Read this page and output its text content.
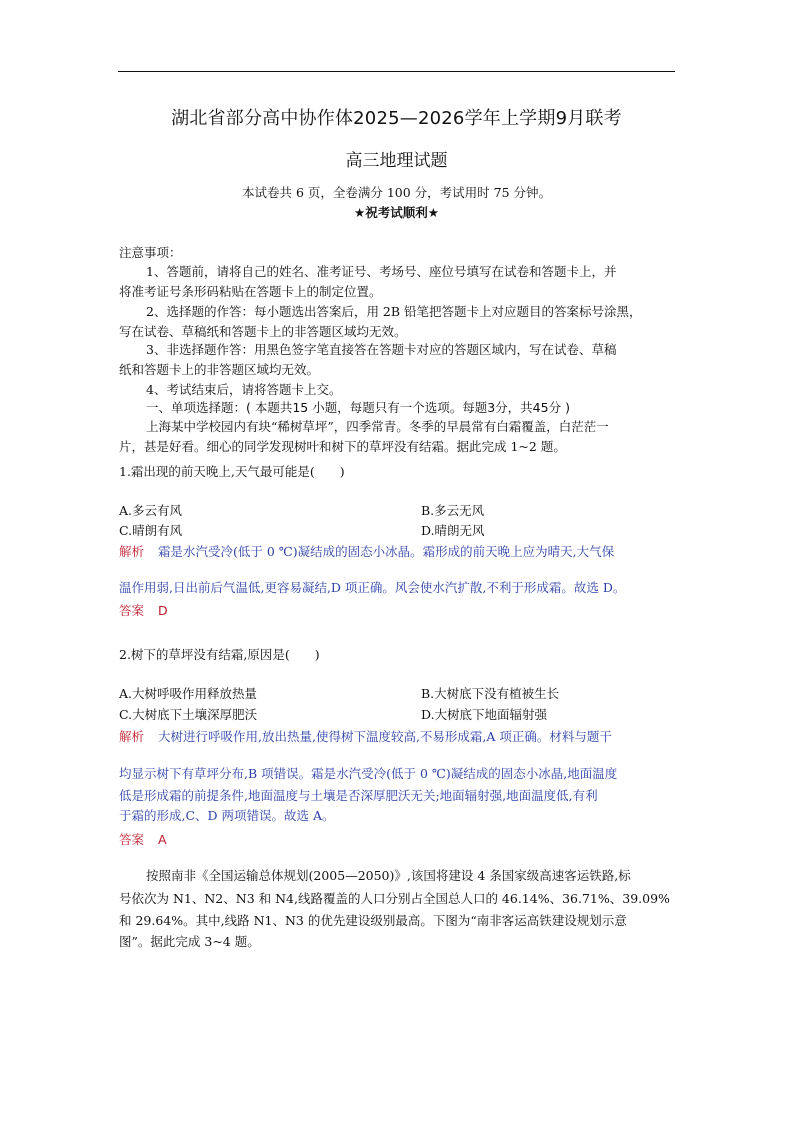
湖北省部分高中协作体2025—2026学年上学期9月联考
高三地理试题
本试卷共 6 页，全卷满分 100 分，考试用时 75 分钟。
★祝考试顺利★
注意事项：
1、答题前，请将自己的姓名、准考证号、考场号、座位号填写在试卷和答题卡上，并
将准考证号条形码粘贴在答题卡上的制定位置。
2、选择题的作答：每小题选出答案后，用 2B 铅笔把答题卡上对应题目的答案标号涂黑，
写在试卷、草稿纸和答题卡上的非答题区域均无效。
3、非选择题作答：用黑色签字笔直接答在答题卡对应的答题区域内，写在试卷、草稿
纸和答题卡上的非答题区域均无效。
4、考试结束后，请将答题卡上交。
一、单项选择题：( 本题共15 小题，每题只有一个选项。每题3分，共45分 )
上海某中学校园内有块“稀树草坪”，四季常青。冬季的早晨常有白霜覆盖，白茫茫一
片，甚是好看。细心的同学发现树叶和树下的草坪没有结霜。据此完成 1~2 题。
1.霜出现的前天晚上,天气最可能是(　　)
A.多云有风	B.多云无风
C.晴朗有风	D.晴朗无风
解析 霜是水汽受冷(低于 0 ℃)凝结成的固态小冰晶。霜形成的前天晚上应为晴天,大气保
温作用弱,日出前后气温低,更容易凝结,D 项正确。风会使水汽扩散,不利于形成霜。故选 D。
答案 D
2.树下的草坪没有结霜,原因是(　　)
A.大树呼吸作用释放热量	B.大树底下没有植被生长
C.大树底下土壤深厚肥沃	D.大树底下地面辐射强
解析 大树进行呼吸作用,放出热量,使得树下温度较高,不易形成霜,A 项正确。材料与题干
均显示树下有草坪分布,B 项错误。霜是水汽受冷(低于 0 ℃)凝结成的固态小冰晶,地面温度
低是形成霜的前提条件,地面温度与土壤是否深厚肥沃无关;地面辐射强,地面温度低,有利
于霜的形成,C、D 两项错误。故选 A。
答案 A
按照南非《全国运输总体规划(2005—2050)》,该国将建设 4 条国家级高速客运铁路,标
号依次为 N1、N2、N3 和 N4,线路覆盖的人口分别占全国总人口的 46.14%、36.71%、39.09%
和 29.64%。其中,线路 N1、N3 的优先建设级别最高。下图为“南非客运高铁建设规划示意
图”。据此完成 3~4 题。
